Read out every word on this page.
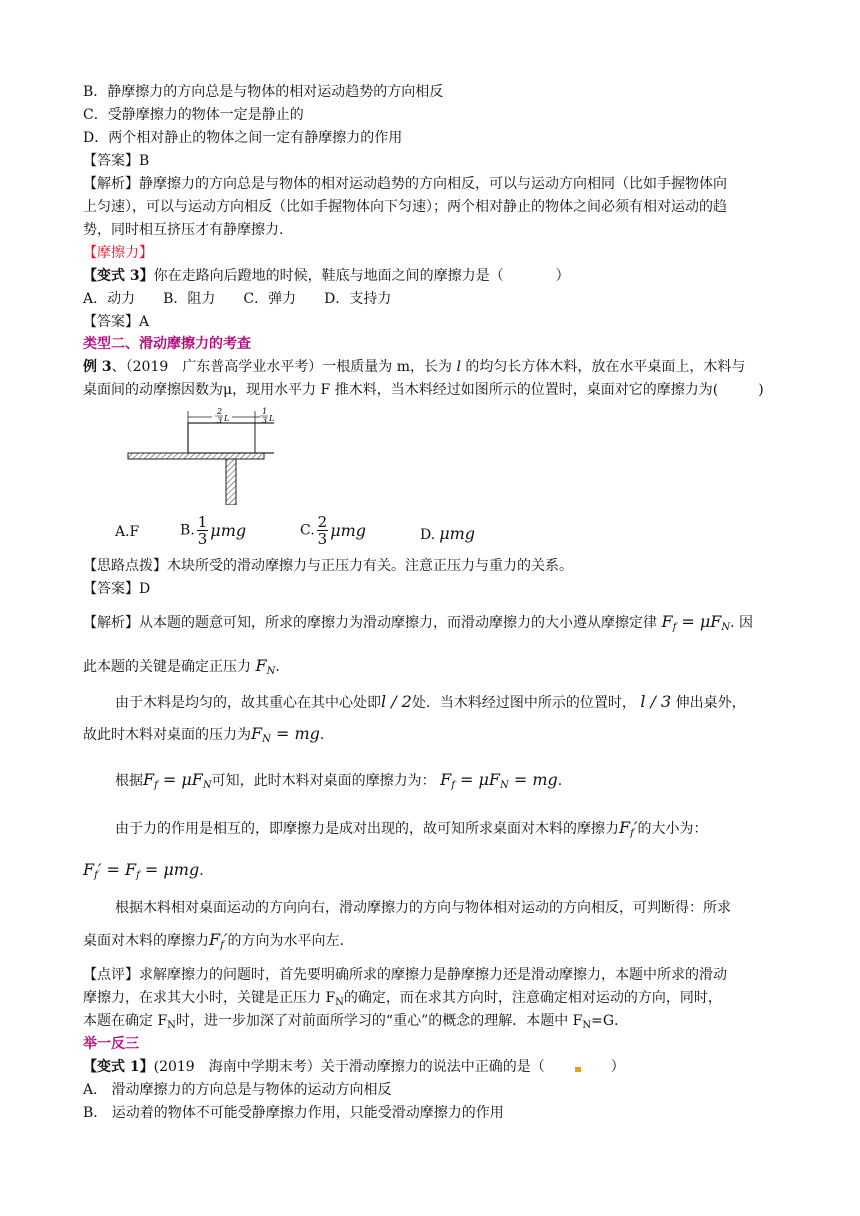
B．静摩擦力的方向总是与物体的相对运动趋势的方向相反
C．受静摩擦力的物体一定是静止的
D．两个相对静止的物体之间一定有静摩擦力的作用
【答案】B
【解析】静摩擦力的方向总是与物体的相对运动趋势的方向相反，可以与运动方向相同（比如手握物体向
上匀速），可以与运动方向相反（比如手握物体向下匀速）；两个相对静止的物体之间必须有相对运动的趋
势，同时相互挤压才有静摩擦力.
【摩擦力】
【变式 3】你在走路向后蹬地的时候，鞋底与地面之间的摩擦力是（	）
A．动力　　B．阻力　　C．弹力　　D．支持力
【答案】A
类型二、滑动摩擦力的考查
例 3、（2019　广东普高学业水平考）一根质量为 m，长为 l 的均匀长方体木料，放在水平桌面上，木料与
桌面间的动摩擦因数为μ，现用水平力 F 推木料，当木料经过如图所示的位置时，桌面对它的摩擦力为(	)
2
3 L
1
3 L
A.F	B. $\frac{1}{3}$ μmg	C. $\frac{2}{3}$ μmg	D. μmg
【思路点拨】木块所受的滑动摩擦力与正压力有关。注意正压力与重力的关系。
【答案】D
【解析】从本题的题意可知，所求的摩擦力为滑动摩擦力，而滑动摩擦力的大小遵从摩擦定律 $F_f = \mu F_N$. 因
此本题的关键是确定正压力 $F_N$.
由于木料是均匀的，故其重心在其中心处即l / 2处．当木料经过图中所示的位置时， l / 3 伸出桌外，
故此时木料对桌面的压力为$F_N$ = mg.
根据$F_f = \mu F_N$可知，此时木料对桌面的摩擦力为： $F_f = \mu F_N$ = mg.
由于力的作用是相互的，即摩擦力是成对出现的，故可知所求桌面对木料的摩擦力$F_f'$的大小为：
$F_f' = F_f = \mu mg$.
根据木料相对桌面运动的方向向右，滑动摩擦力的方向与物体相对运动的方向相反，可判断得：所求
桌面对木料的摩擦力$F_f'$的方向为水平向左.
【点评】求解摩擦力的问题时，首先要明确所求的摩擦力是静摩擦力还是滑动摩擦力，本题中所求的滑动
摩擦力，在求其大小时，关键是正压力 $F_N$的确定，而在求其方向时，注意确定相对运动的方向，同时，
本题在确定 $F_N$时，进一步加深了对前面所学习的“重心”的概念的理解．本题中 $F_N=G$．
举一反三
【变式 1】(2019　海南中学期末考）关于滑动摩擦力的说法中正确的是（	）
A.　滑动摩擦力的方向总是与物体的运动方向相反
B.　运动着的物体不可能受静摩擦力作用，只能受滑动摩擦力的作用
